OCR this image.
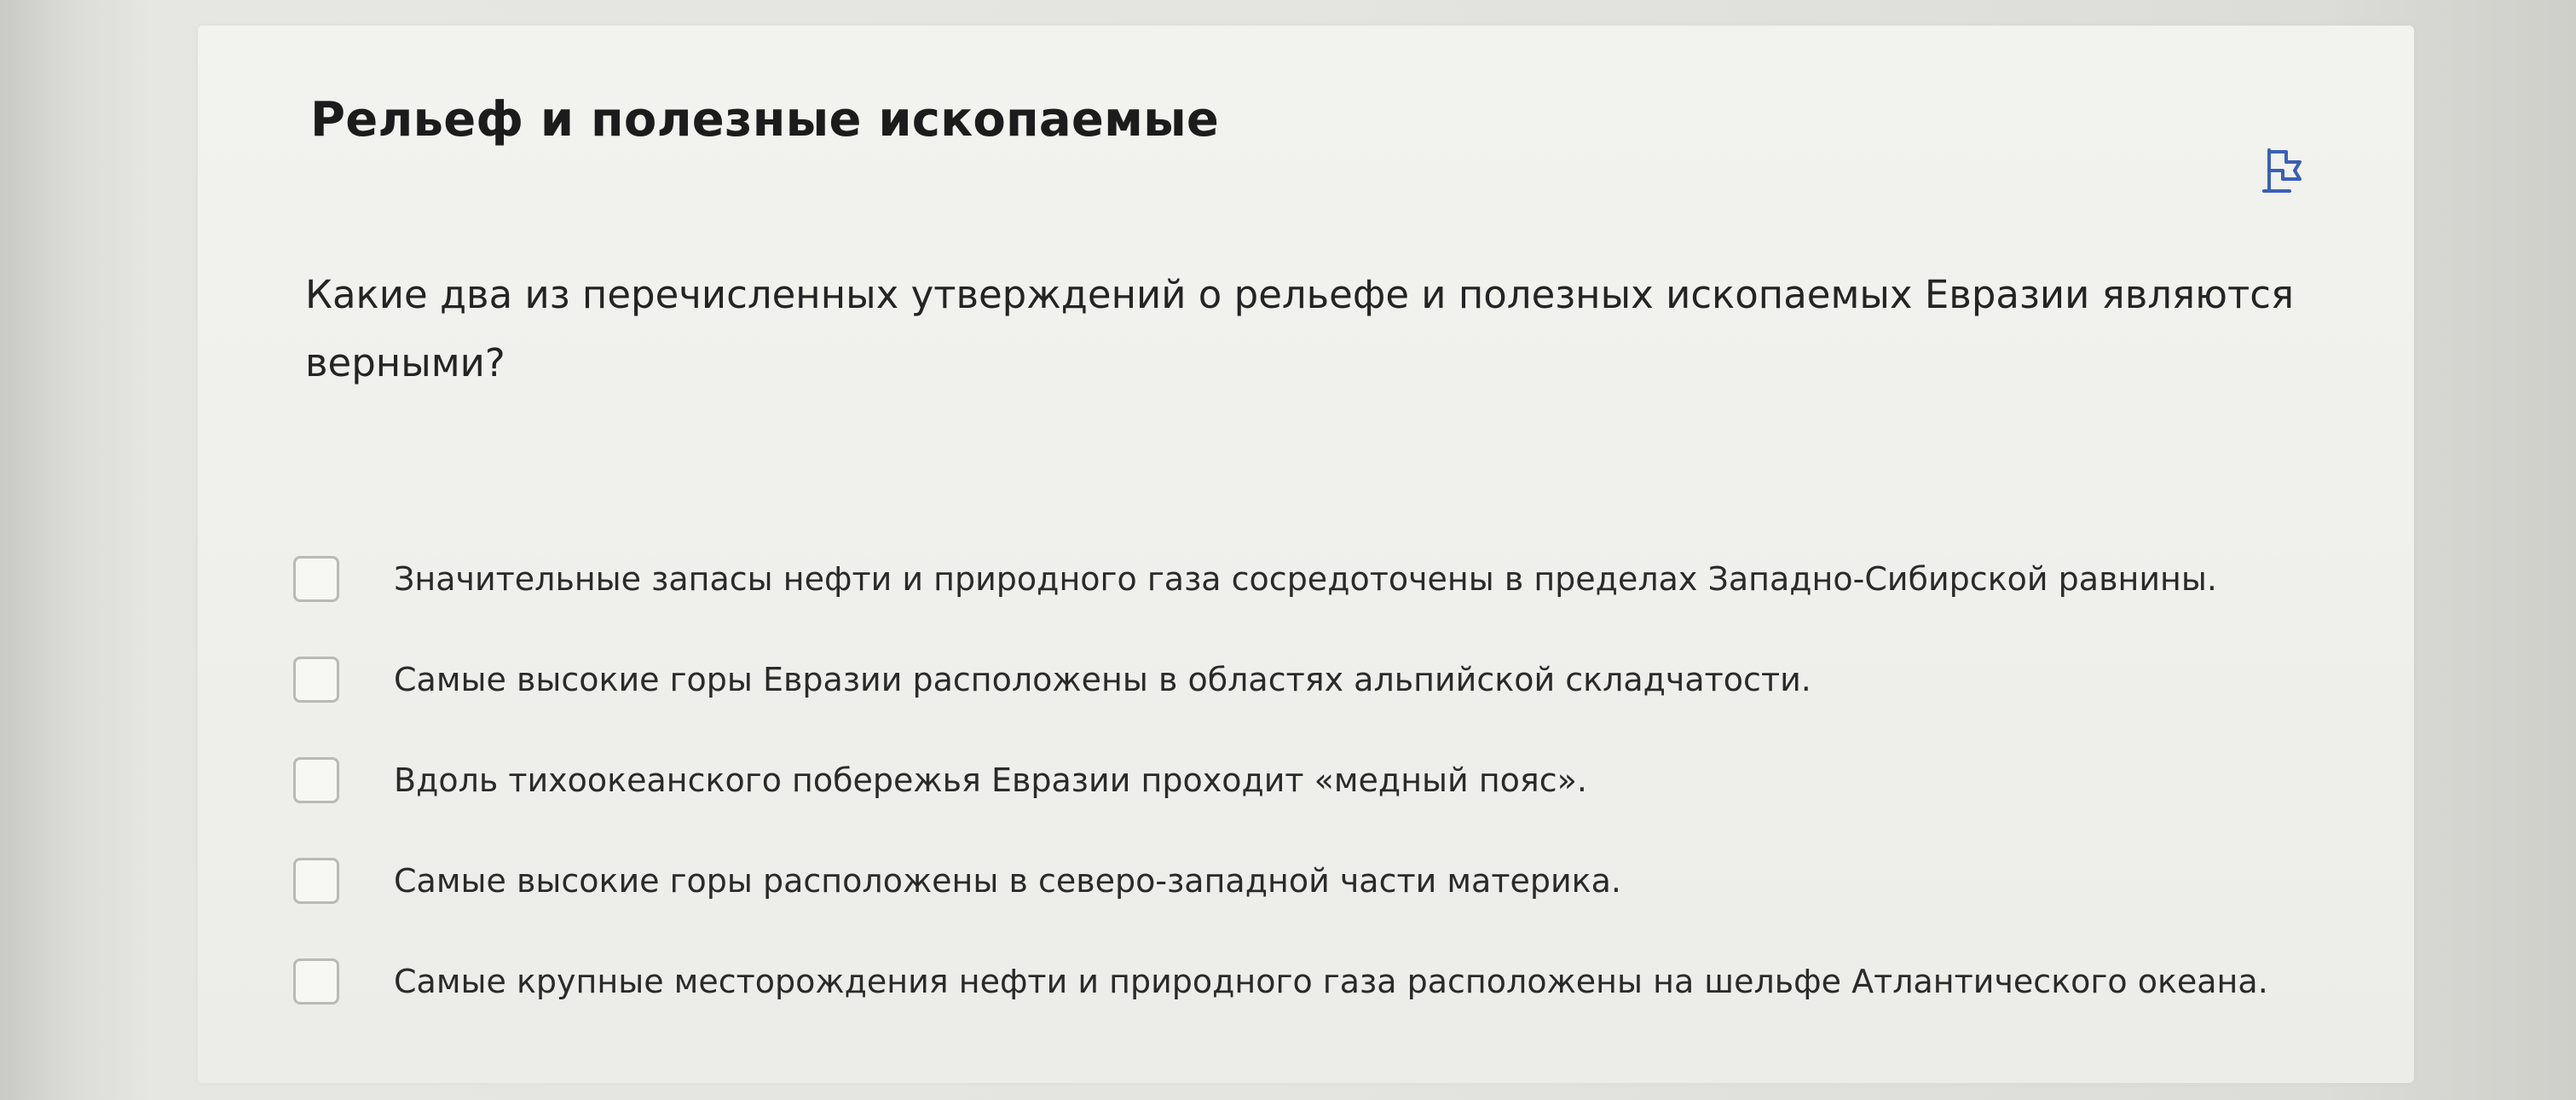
Рельеф и полезные ископаемые
Какие два из перечисленных утверждений о рельефе и полезных ископаемых Евразии являются верными?
Значительные запасы нефти и природного газа сосредоточены в пределах Западно-Сибирской равнины.
Самые высокие горы Евразии расположены в областях альпийской складчатости.
Вдоль тихоокеанского побережья Евразии проходит «медный пояс».
Самые высокие горы расположены в северо-западной части материка.
Самые крупные месторождения нефти и природного газа расположены на шельфе Атлантического океана.
